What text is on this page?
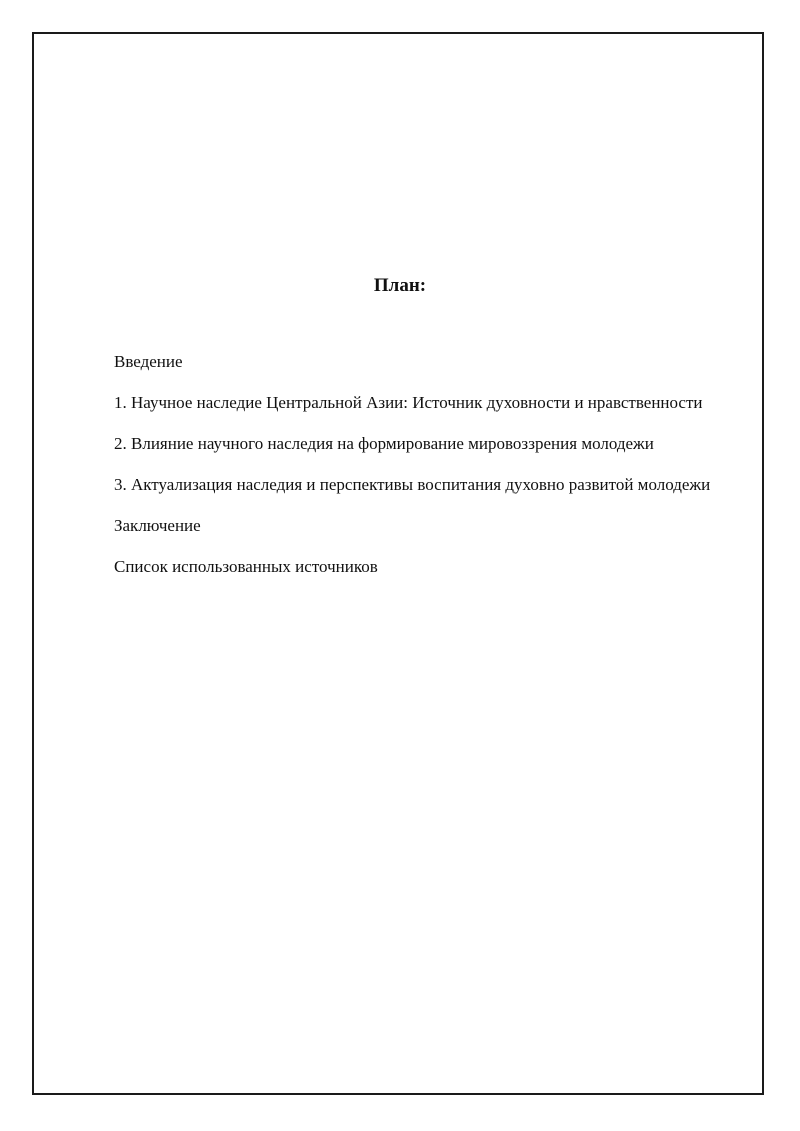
План:
Введение
1. Научное наследие Центральной Азии: Источник духовности и нравственности
2. Влияние научного наследия на формирование мировоззрения молодежи
3. Актуализация наследия и перспективы воспитания духовно развитой молодежи
Заключение
Список использованных источников
